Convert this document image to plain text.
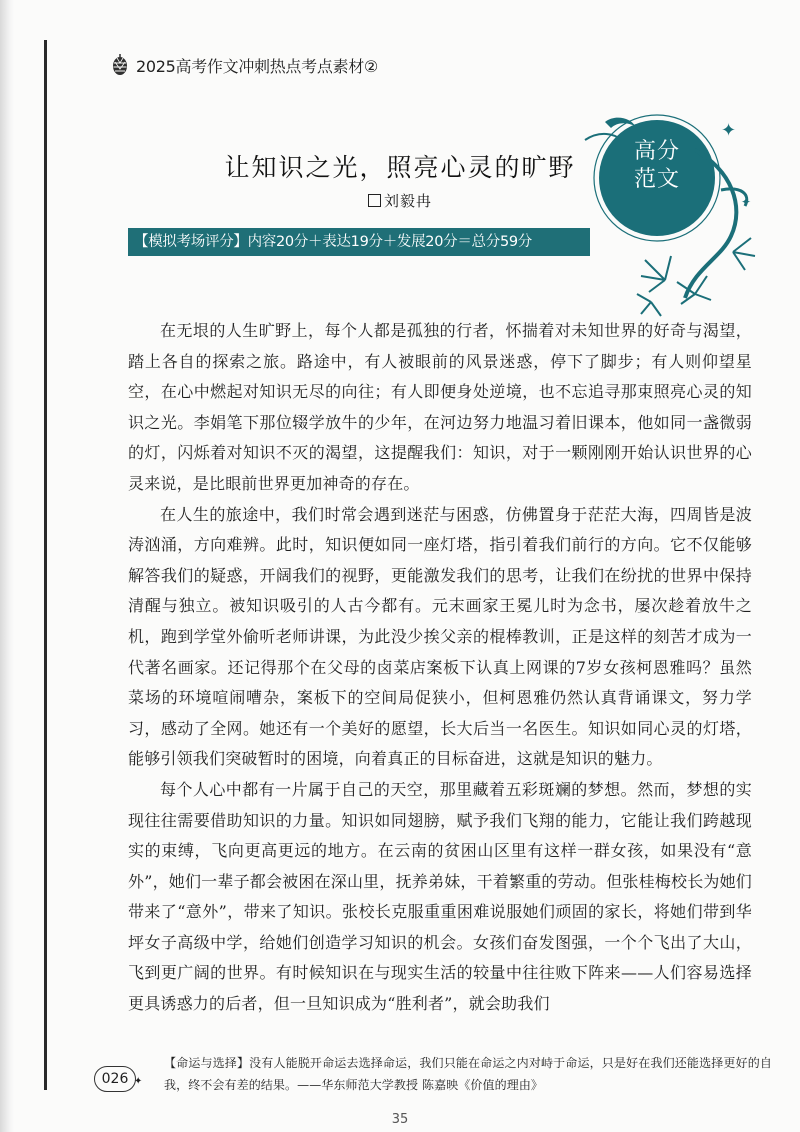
2025高考作文冲刺热点考点素材②
✦
✦
高分
范文
让知识之光，照亮心灵的旷野
刘毅冉
【模拟考场评分】内容20分＋表达19分＋发展20分＝总分59分

在无垠的人生旷野上，每个人都是孤独的行者，怀揣着对未知世界的好奇与渴望，踏上各自的探索之旅。路途中，有人被眼前的风景迷惑，停下了脚步；有人则仰望星空，在心中燃起对知识无尽的向往；有人即便身处逆境，也不忘追寻那束照亮心灵的知识之光。李娟笔下那位辍学放牛的少年，在河边努力地温习着旧课本，他如同一盏微弱的灯，闪烁着对知识不灭的渴望，这提醒我们：知识，对于一颗刚刚开始认识世界的心灵来说，是比眼前世界更加神奇的存在。

在人生的旅途中，我们时常会遇到迷茫与困惑，仿佛置身于茫茫大海，四周皆是波涛汹涌，方向难辨。此时，知识便如同一座灯塔，指引着我们前行的方向。它不仅能够解答我们的疑惑，开阔我们的视野，更能激发我们的思考，让我们在纷扰的世界中保持清醒与独立。被知识吸引的人古今都有。元末画家王冕儿时为念书，屡次趁着放牛之机，跑到学堂外偷听老师讲课，为此没少挨父亲的棍棒教训，正是这样的刻苦才成为一代著名画家。还记得那个在父母的卤菜店案板下认真上网课的7岁女孩柯恩雅吗？虽然菜场的环境喧闹嘈杂，案板下的空间局促狭小，但柯恩雅仍然认真背诵课文，努力学习，感动了全网。她还有一个美好的愿望，长大后当一名医生。知识如同心灵的灯塔，能够引领我们突破暂时的困境，向着真正的目标奋进，这就是知识的魅力。

每个人心中都有一片属于自己的天空，那里藏着五彩斑斓的梦想。然而，梦想的实现往往需要借助知识的力量。知识如同翅膀，赋予我们飞翔的能力，它能让我们跨越现实的束缚，飞向更高更远的地方。在云南的贫困山区里有这样一群女孩，如果没有“意外”，她们一辈子都会被困在深山里，抚养弟妹，干着繁重的劳动。但张桂梅校长为她们带来了“意外”，带来了知识。张校长克服重重困难说服她们顽固的家长，将她们带到华坪女子高级中学，给她们创造学习知识的机会。女孩们奋发图强，一个个飞出了大山，飞到更广阔的世界。有时候知识在与现实生活的较量中往往败下阵来——人们容易选择更具诱惑力的后者，但一旦知识成为“胜利者”，就会助我们

【命运与选择】没有人能脱开命运去选择命运，我们只能在命运之内对峙于命运，只是好在我们还能选择更好的自我，终不会有差的结果。——华东师范大学教授 陈嘉映《价值的理由》
026 ✦
35
